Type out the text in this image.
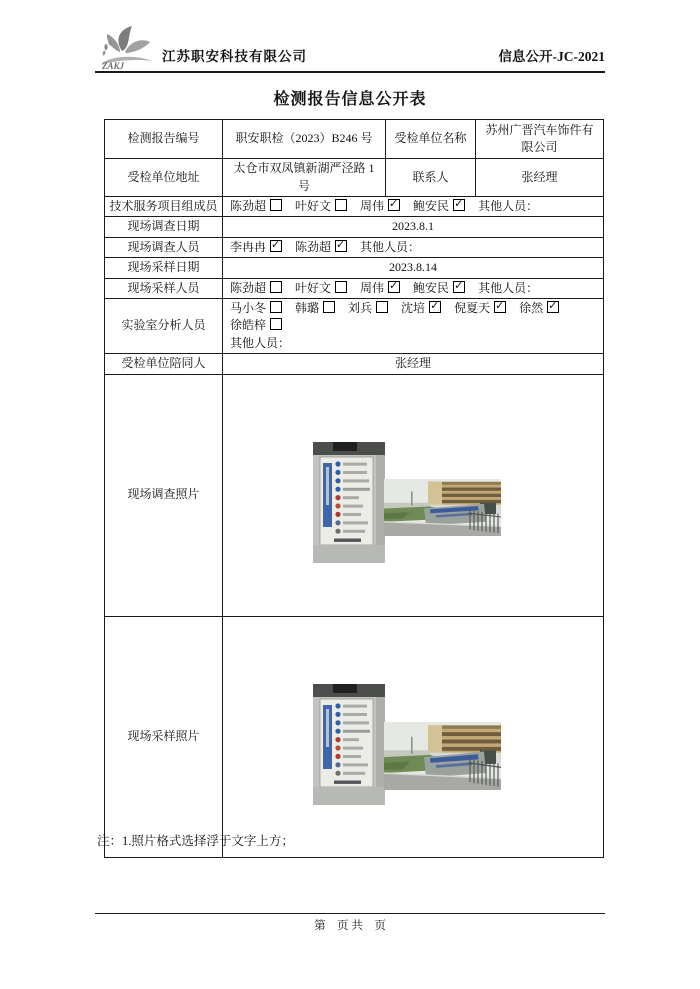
ZAKJ
江苏职安科技有限公司	信息公开-JC-2021
检测报告信息公开表
检测报告编号	职安职检（2023）B246 号	受检单位名称	苏州广晋汽车饰件有限公司
受检单位地址	太仓市双凤镇新湖严泾路 1 号	联系人	张经理
技术服务项目组成员	陈劲超 叶好文 周伟 ✓ 鲍安民 ✓ 其他人员：
现场调查日期	2023.8.1		
现场调查人员	李冉冉 ✓ 陈劲超 ✓ 其他人员：
现场采样日期	2023.8.14		
现场采样人员	陈劲超 叶好文 周伟 ✓ 鲍安民 ✓ 其他人员：
实验室分析人员	马小冬 韩璐 刘兵 沈培 ✓ 倪夏天✓ 徐然✓徐皓梓
其他人员：

受检单位陪同人	张经理		
现场调查照片	

现场采样照片	
注：1.照片格式选择浮于文字上方；
第　页 共　页
